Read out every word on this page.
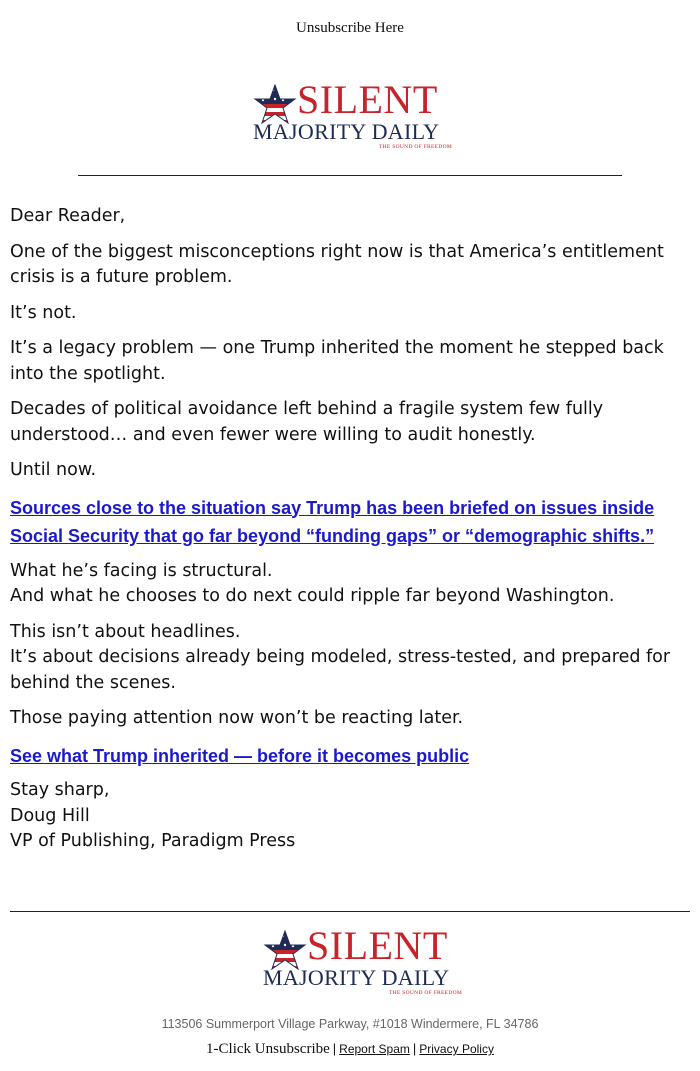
Unsubscribe Here
SILENT
MAJORITY DAILY
THE SOUND OF FREEDOM

Dear Reader,

One of the biggest misconceptions right now is that America’s entitlement crisis is a future problem.

It’s not.

It’s a legacy problem — one Trump inherited the moment he stepped back into the spotlight.

Decades of political avoidance left behind a fragile system few fully understood… and even fewer were willing to audit honestly.

Until now.

Sources close to the situation say Trump has been briefed on issues inside Social Security that go far beyond “funding gaps” or “demographic shifts.”

What he’s facing is structural.
And what he chooses to do next could ripple far beyond Washington.

This isn’t about headlines.
It’s about decisions already being modeled, stress-tested, and prepared for behind the scenes.

Those paying attention now won’t be reacting later.

See what Trump inherited — before it becomes public

Stay sharp,
Doug Hill
VP of Publishing, Paradigm Press

SILENT
MAJORITY DAILY
THE SOUND OF FREEDOM
113506 Summerport Village Parkway, #1018 Windermere, FL 34786
1-Click Unsubscribe | Report Spam | Privacy Policy
